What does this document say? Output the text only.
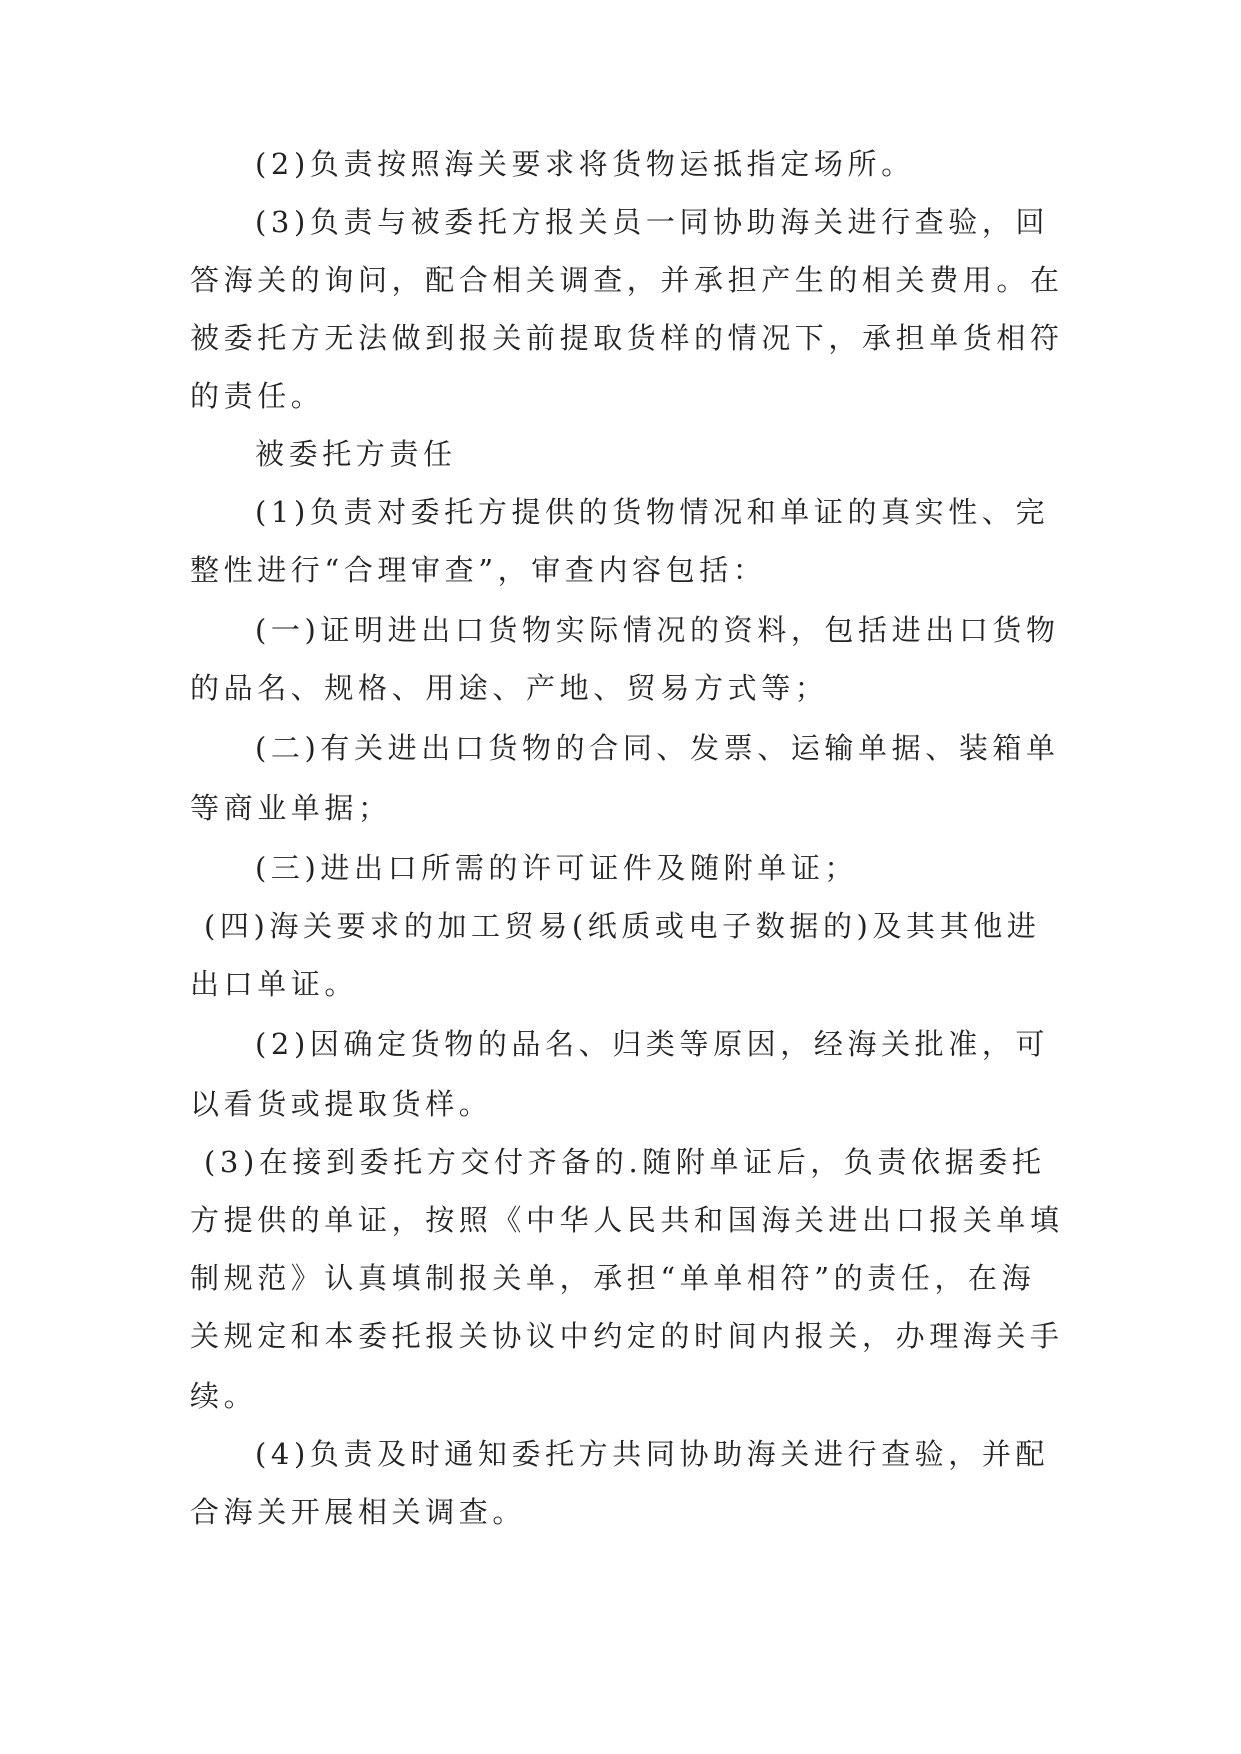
(2)负责按照海关要求将货物运抵指定场所。
(3)负责与被委托方报关员一同协助海关进行查验，回
答海关的询问，配合相关调查，并承担产生的相关费用。在
被委托方无法做到报关前提取货样的情况下，承担单货相符
的责任。
被委托方责任
(1)负责对委托方提供的货物情况和单证的真实性、完
整性进行“合理审查”，审查内容包括：
(一)证明进出口货物实际情况的资料，包括进出口货物
的品名、规格、用途、产地、贸易方式等；
(二)有关进出口货物的合同、发票、运输单据、装箱单
等商业单据；
(三)进出口所需的许可证件及随附单证；
(四)海关要求的加工贸易(纸质或电子数据的)及其其他进
出口单证。
(2)因确定货物的品名、归类等原因，经海关批准，可
以看货或提取货样。
(3)在接到委托方交付齐备的.随附单证后，负责依据委托
方提供的单证，按照《中华人民共和国海关进出口报关单填
制规范》认真填制报关单，承担“单单相符”的责任，在海
关规定和本委托报关协议中约定的时间内报关，办理海关手
续。
(4)负责及时通知委托方共同协助海关进行查验，并配
合海关开展相关调查。
